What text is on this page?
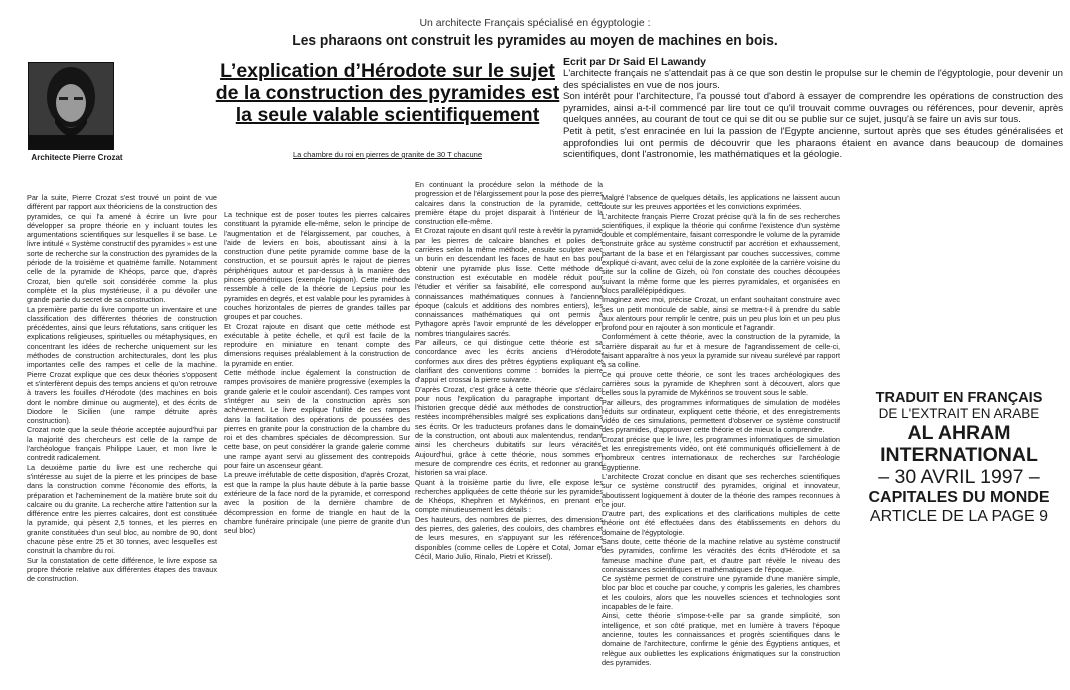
Un architecte Français spécialisé en égyptologie :
Les pharaons ont construit les pyramides au moyen de machines en bois.
Architecte Pierre Crozat
L’explication d’Hérodote sur le sujet de la construction des pyramides est la seule valable scientifiquement
La chambre du roi en pierres de granite de 30 T chacune
Ecrit par Dr Said El Lawandy

L'architecte français ne s'attendait pas à ce que son destin le propulse sur le chemin de l'égyptologie, pour devenir un des spécialistes en vue de nos jours.

Son intérêt pour l'architecture, l'a poussé tout d'abord à essayer de comprendre les opérations de construction des pyramides, ainsi a-t-il commencé par lire tout ce qu'il trouvait comme ouvrages ou références, pour devenir, après quelques années, au courant de tout ce qui se dit ou se publie sur ce sujet, jusqu'à se faire un avis sur tous.

Petit à petit, s'est enracinée en lui la passion de l'Egypte ancienne, surtout après que ses études généralisées et approfondies lui ont permis de découvrir que les pharaons étaient en avance dans beaucoup de domaines scientifiques, dont l'astronomie, les mathématiques et la géologie.

Par la suite, Pierre Crozat s'est trouvé un point de vue différent par rapport aux théoriciens de la construction des pyramides, ce qui l'a amené à écrire un livre pour développer sa propre théorie en y incluant toutes les argumentations scientifiques sur lesquelles il se base. Le livre intitulé « Système constructif des pyramides » est une sorte de recherche sur la construction des pyramides de la période de la troisième et quatrième famille. Notamment celle de la pyramide de Khéops, parce que, d'après Crozat, bien qu'elle soit considérée comme la plus complète et la plus mystérieuse, il a pu dévoiler une grande partie du secret de sa construction.

La première partie du livre comporte un inventaire et une classification des différentes théories de construction précédentes, ainsi que leurs réfutations, sans critiquer les explications religieuses, spirituelles ou métaphysiques, en concentrant les idées de recherche uniquement sur les méthodes de construction architecturales, dont les plus importantes celle des rampes et celle de la machine. Pierre Crozat explique que ces deux théories s'opposent et s'interfèrent depuis des temps anciens et qu'on retrouve à travers les fouilles d'Hérodote (des machines en bois dont le nombre diminue ou augmente), et des écrits de Diodore le Sicilien (une rampe détruite après construction).

Crozat note que la seule théorie acceptée aujourd'hui par la majorité des chercheurs est celle de la rampe de l'archéologue français Philippe Lauer, et mon livre le contredit radicalement.

La deuxième partie du livre est une recherche qui s'intéresse au sujet de la pierre et les principes de base dans la construction comme l'économie des efforts, la préparation et l'acheminement de la matière brute soit du calcaire ou du granite. La recherche attire l'attention sur la différence entre les pierres calcaires, dont est constituée la pyramide, qui pèsent 2,5 tonnes, et les pierres en granite constituées d'un seul bloc, au nombre de 90, dont chacune pèse entre 25 et 30 tonnes, avec lesquelles est construit la chambre du roi.

Sur la constatation de cette différence, le livre expose sa propre théorie relative aux différentes étapes des travaux de construction.

La technique est de poser toutes les pierres calcaires constituant la pyramide elle-même, selon le principe de l'augmentation et de l'élargissement, par couches, à l'aide de leviers en bois, aboutissant ainsi à la construction d'une petite pyramide comme base de la construction, et se poursuit après le rajout de pierres périphériques autour et par-dessus à la manière des pinces géométriques (exemple l'oignon). Cette méthode ressemble à celle de la théorie de Lepsius pour les pyramides en degrés, et est valable pour les pyramides à couches horizontales de pierres de grandes tailles par groupes et par couches.

Et Crozat rajoute en disant que cette méthode est exécutable à petite échelle, et qu'il est facile de la reproduire en miniature en tenant compte des dimensions requises préalablement à la construction de la pyramide en entier.

Cette méthode inclue également la construction de rampes provisoires de manière progressive (exemples la grande galerie et le couloir ascendant). Ces rampes vont s'intégrer au sein de la construction après son achèvement. Le livre explique l'utilité de ces rampes dans la facilitation des opérations de poussées des pierres en granite pour la construction de la chambre du roi et des chambres spéciales de décompression. Sur cette base, on peut considérer la grande galerie comme une rampe ayant servi au glissement des contrepoids pour faire un ascenseur géant.

La preuve irréfutable de cette disposition, d'après Crozat, est que la rampe la plus haute débute à la partie basse extérieure de la face nord de la pyramide, et correspond avec la position de la dernière chambre de décompression en forme de triangle en haut de la chambre funéraire principale (une pierre de granite d'un seul bloc)

En continuant la procédure selon la méthode de la progression et de l'élargissement pour la pose des pierres calcaires dans la construction de la pyramide, cette première étape du projet disparait à l'intérieur de la construction elle-même.

Et Crozat rajoute en disant qu'il reste à revêtir la pyramide par les pierres de calcaire blanches et polies des carrières selon la même méthode, ensuite sculpter avec un burin en descendant les faces de haut en bas pour obtenir une pyramide plus lisse. Cette méthode de construction est exécutable en modèle réduit pour l'étudier et vérifier sa faisabilité, elle correspond aux connaissances mathématiques connues à l'ancienne époque (calculs et additions des nombres entiers), les connaissances mathématiques qui ont permis à Pythagore après l'avoir emprunté de les développer en nombres triangulaires sacrés.

Par ailleurs, ce qui distingue cette théorie est sa concordance avec les écrits anciens d'Hérodote, conformes aux dires des prêtres égyptiens expliquant et clarifiant des conventions comme : bornides la pierre d'appui et crossai la pierre suivante.

D'après Crozat, c'est grâce à cette théorie que s'éclairci pour nous l'explication du paragraphe important de l'historien grecque dédié aux méthodes de construction restées incompréhensibles malgré ses explications dans ses écrits. Or les traducteurs profanes dans le domaine de la construction, ont abouti aux malentendus, rendant ainsi les chercheurs dubitatifs sur leurs véracités. Aujourd'hui, grâce à cette théorie, nous sommes en mesure de comprendre ces écrits, et redonner au grand historien sa vrai place.

Quant à la troisième partie du livre, elle expose les recherches appliquées de cette théorie sur les pyramides de Khéops, Khephren et Mykérinos, en prenant en compte minutieusement les détails :

Des hauteurs, des nombres de pierres, des dimensions des pierres, des galeries, des couloirs, des chambres et de leurs mesures, en s'appuyant sur les références disponibles (comme celles de Lopère et Cotal, Jomar et Cécil, Mario Julio, Rinalo, Pietri et Krissel).

Malgré l'absence de quelques détails, les applications ne laissent aucun doute sur les preuves apportées et les convictions exprimées.

L'architecte français Pierre Crozat précise qu'à la fin de ses recherches scientifiques, il explique la théorie qui confirme l'existence d'un système double et complémentaire, faisant correspondre le volume de la pyramide construite grâce au système constructif par accrétion et exhaussement, partant de la base et en l'élargissant par couches successives, comme expliqué ci-avant, avec celui de la zone exploitée de la carrière voisine du site sur la colline de Gizeh, où l'on constate des couches découpées suivant la même forme que les pierres pyramidales, et organisées en blocs parallélépipédiques.

Imaginez avec moi, précise Crozat, un enfant souhaitant construire avec ses un petit monticule de sable, ainsi se mettra-t-il à prendre du sable aux alentours pour remplir le centre, puis un peu plus loin et un peu plus profond pour en rajouter à son monticule et l'agrandir.

Conformément à cette théorie, avec la construction de la pyramide, la carrière disparait au fur et à mesure de l'agrandissement de celle-ci, faisant apparaître à nos yeux la pyramide sur niveau surélevé par rapport à sa colline.

Ce qui prouve cette théorie, ce sont les traces archéologiques des carrières sous la pyramide de Khephren sont à découvert, alors que celles sous la pyramide de Mykérinos se trouvent sous le sable.

Par ailleurs, des programmes informatiques de simulation de modèles réduits sur ordinateur, expliquent cette théorie, et des enregistrements vidéo de ces simulations, permettent d'observer ce système constructif des pyramides, d'approuver cette théorie et de mieux la comprendre.

Crozat précise que le livre, les programmes informatiques de simulation et les enregistrements vidéo, ont été communiqués officiellement à de nombreux centres internationaux de recherches sur l'archéologie Égyptienne.

L'architecte Crozat conclue en disant que ses recherches scientifiques sur ce système constructif des pyramides, original et innovateur, aboutissent logiquement à douter de la théorie des rampes reconnues à ce jour.

D'autre part, des explications et des clarifications multiples de cette théorie ont été effectuées dans des établissements en dehors du domaine de l'égyptologie.

Sans doute, cette théorie de la machine relative au système constructif des pyramides, confirme les véracités des écrits d'Hérodote et sa fameuse machine d'une part, et d'autre part révèle le niveau des connaissances scientifiques et mathématiques de l'époque.

Ce système permet de construire une pyramide d'une manière simple, bloc par bloc et couche par couche, y compris les galeries, les chambres et les couloirs, alors que les nouvelles sciences et technologies sont incapables de le faire.

Ainsi, cette théorie s'impose-t-elle par sa grande simplicité, son intelligence, et son côté pratique, met en lumière à travers l'époque ancienne, toutes les connaissances et progrès scientifiques dans le domaine de l'architecture, confirme le génie des Égyptiens antiques, et relègue aux oubliettes les explications énigmatiques sur la construction des pyramides.

TRADUIT EN FRANÇAIS
DE L'EXTRAIT EN ARABE
AL AHRAM
INTERNATIONAL
– 30 AVRIL 1997 –
CAPITALES DU MONDE
ARTICLE DE LA PAGE 9
